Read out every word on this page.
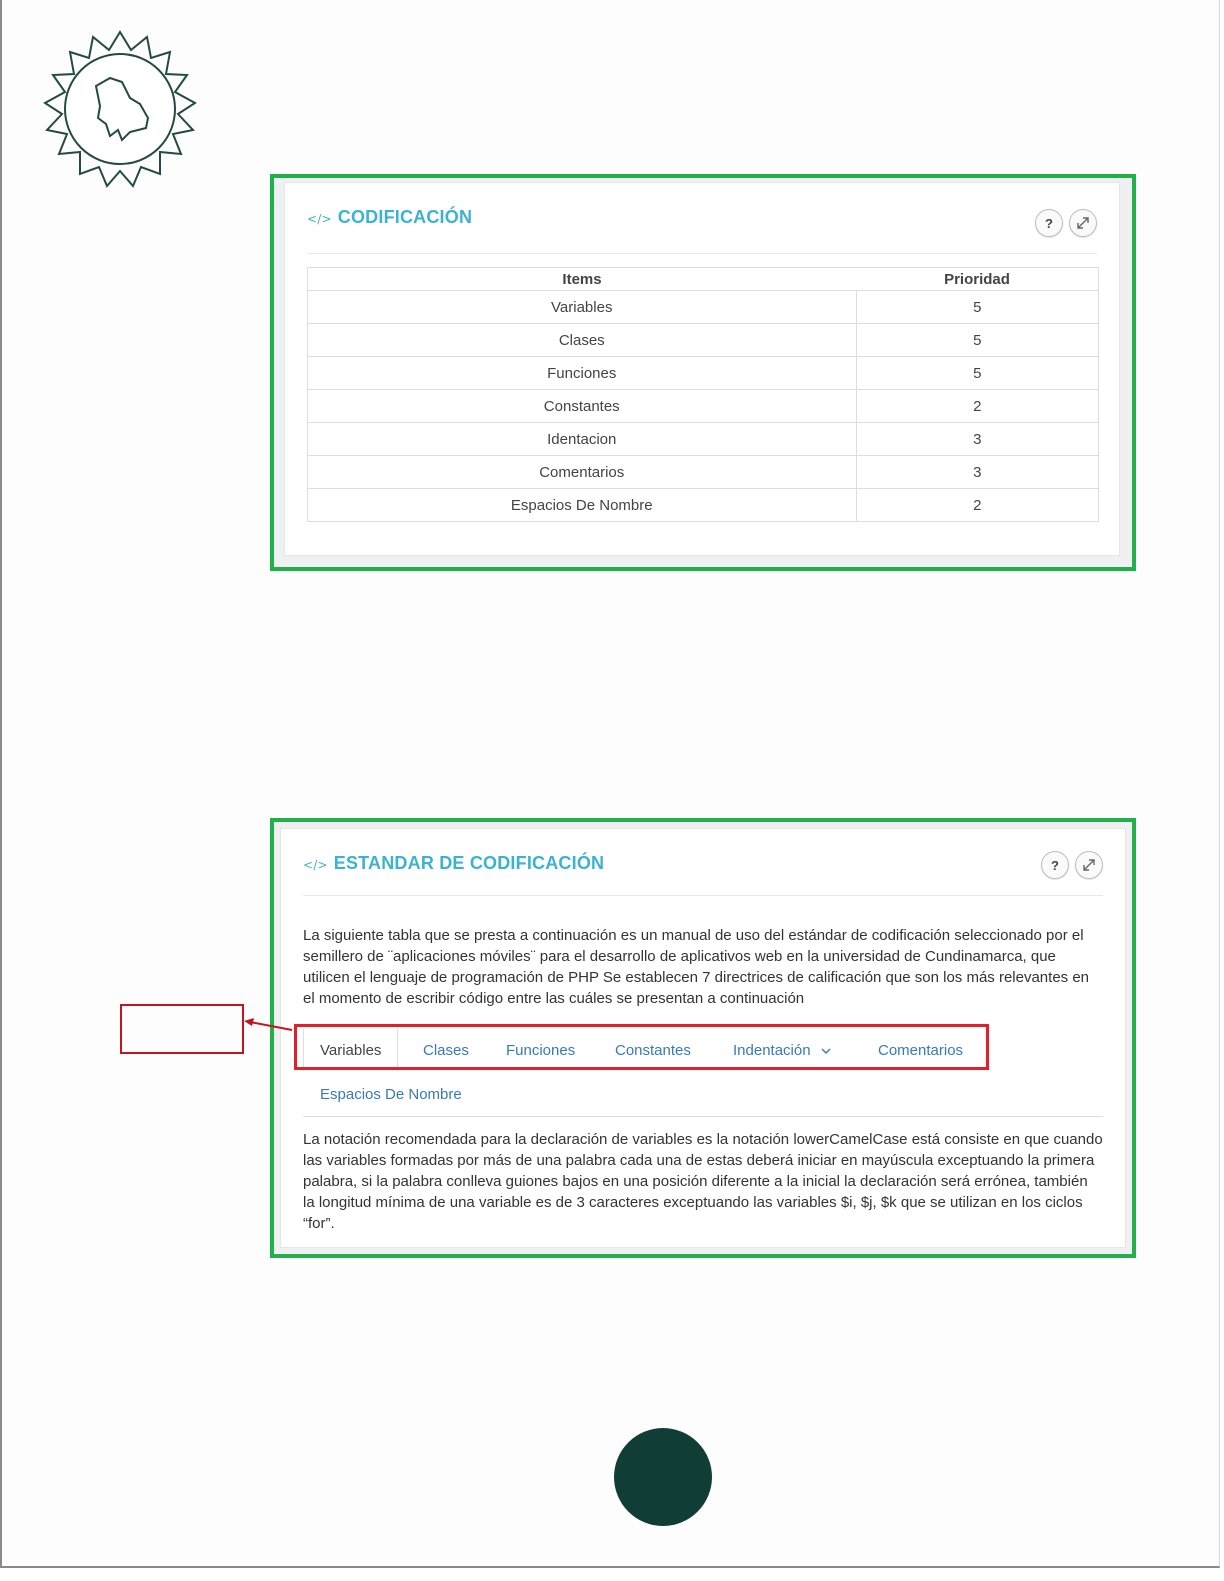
</> CODIFICACIÓN	?
Items	Prioridad
Variables	5
Clases	5
Funciones	5
Constantes	2
Identacion	3
Comentarios	3
Espacios De Nombre	2
</> ESTANDAR DE CODIFICACIÓN	?
La siguiente tabla que se presta a continuación es un manual de uso del estándar de codificación seleccionado por el semillero de ¨aplicaciones móviles¨ para el desarrollo de aplicativos web en la universidad de Cundinamarca, que utilicen el lenguaje de programación de PHP Se establecen 7 directrices de calificación que son los más relevantes en el momento de escribir código entre las cuáles se presentan a continuación
Variables	Clases Funciones	Constantes	Indentación	Comentarios
Espacios De Nombre
La notación recomendada para la declaración de variables es la notación lowerCamelCase está consiste en que cuando las variables formadas por más de una palabra cada una de estas deberá iniciar en mayúscula exceptuando la primera palabra, si la palabra conlleva guiones bajos en una posición diferente a la inicial la declaración será errónea, también la longitud mínima de una variable es de 3 caracteres exceptuando las variables $i, $j, $k que se utilizan en los ciclos “for”.
